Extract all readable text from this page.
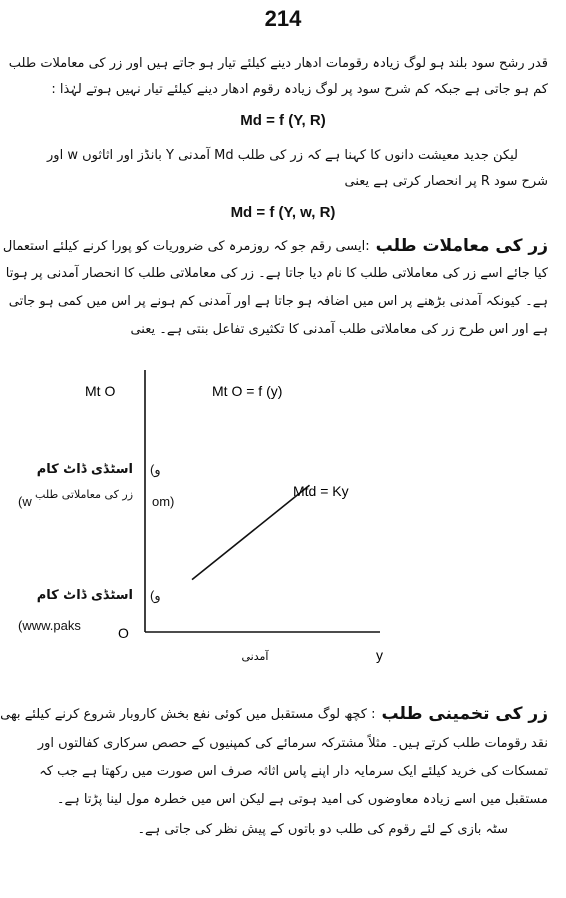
214
قدر رشح سود بلند ہو لوگ زیادہ رقومات ادھار دینے کیلئے تیار ہو جاتے ہیں اور زر کی معاملات طلب
کم ہو جاتی ہے جبکہ کم شرح سود پر لوگ زیادہ رقوم ادھار دینے کیلئے تیار نہیں ہوتے لہٰذا :
Md = f (Y, R)
لیکن جدید معیشت دانوں کا کہنا ہے کہ زر کی طلب Md آمدنی Y بانڈز اور اثاثوں w اور
شرح سود R پر انحصار کرتی ہے یعنی
Md = f (Y, w, R)
زر کی معاملات طلب
:ایسی رقم جو کہ روزمرہ کی ضروریات کو پورا کرنے کیلئے استعمال
کیا جائے اسے زر کی معاملاتی طلب کا نام دیا جاتا ہے۔ زر کی معاملاتی طلب کا انحصار آمدنی پر ہوتا
ہے۔ کیونکہ آمدنی بڑھنے پر اس میں اضافہ ہو جاتا ہے اور آمدنی کم ہونے پر اس میں کمی ہو جاتی
ہے اور اس طرح زر کی معاملاتی طلب آمدنی کا تکثیری تفاعل بنتی ہے۔ یعنی
Mt O	Mt O = f (y)
Mtd = Ky
O
y
آمدنی
زر کی معاملاتی طلب
اسٹڈی ڈاٹ کام (و
(w	om)
اسٹڈی ڈاٹ کام (و
(www.paks
زر کی تخمینی طلب
: کچھ لوگ مستقبل میں کوئی نفع بخش کاروبار شروع کرنے کیلئے بھی
نقد رقومات طلب کرتے ہیں۔ مثلاً مشترکہ سرمائے کی کمپنیوں کے حصص سرکاری کفالتوں اور
تمسکات کی خرید کیلئے ایک سرمایہ دار اپنے پاس اثاثہ صرف اس صورت میں رکھتا ہے جب کہ
مستقبل میں اسے زیادہ معاوضوں کی امید ہوتی ہے لیکن اس میں خطرہ مول لینا پڑتا ہے۔
سٹہ بازی کے لئے رقوم کی طلب دو باتوں کے پیش نظر کی جاتی ہے۔
